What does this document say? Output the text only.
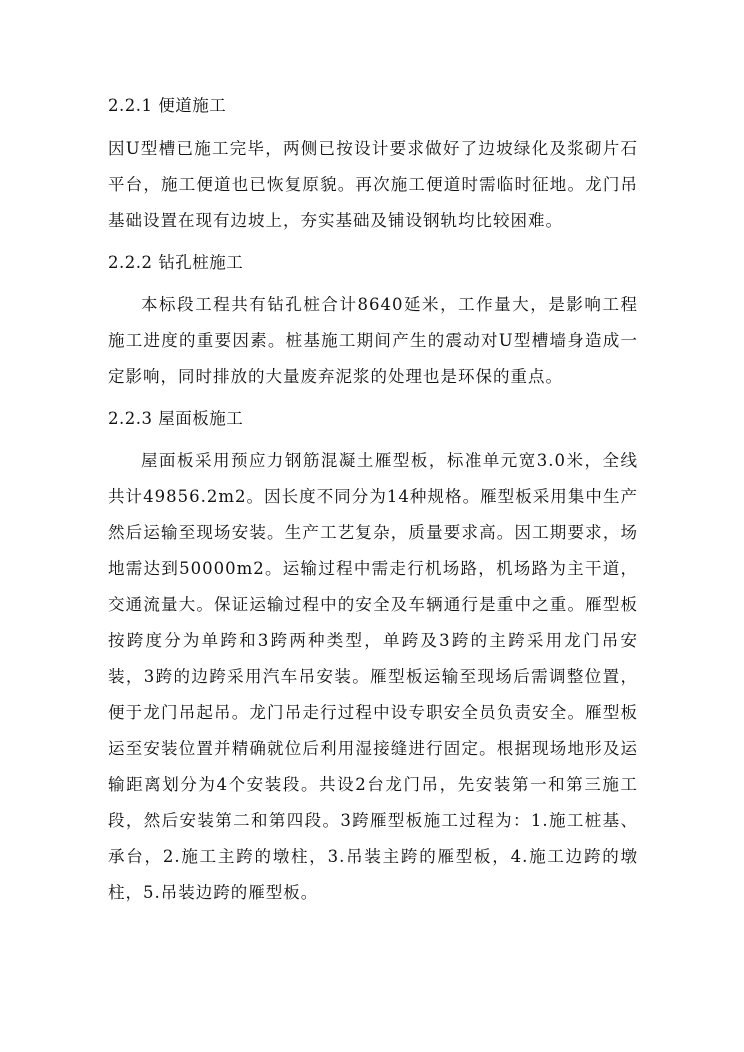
2.2.1 便道施工

因U型槽已施工完毕，两侧已按设计要求做好了边坡绿化及浆砌片石平台，施工便道也已恢复原貌。再次施工便道时需临时征地。龙门吊基础设置在现有边坡上，夯实基础及铺设钢轨均比较困难。

2.2.2 钻孔桩施工

本标段工程共有钻孔桩合计8640延米，工作量大，是影响工程施工进度的重要因素。桩基施工期间产生的震动对U型槽墙身造成一定影响，同时排放的大量废弃泥浆的处理也是环保的重点。

2.2.3 屋面板施工

屋面板采用预应力钢筋混凝土雁型板，标准单元宽3.0米，全线共计49856.2m2。因长度不同分为14种规格。雁型板采用集中生产然后运输至现场安装。生产工艺复杂，质量要求高。因工期要求，场地需达到50000m2。运输过程中需走行机场路，机场路为主干道，交通流量大。保证运输过程中的安全及车辆通行是重中之重。雁型板按跨度分为单跨和3跨两种类型，单跨及3跨的主跨采用龙门吊安装，3跨的边跨采用汽车吊安装。雁型板运输至现场后需调整位置，便于龙门吊起吊。龙门吊走行过程中设专职安全员负责安全。雁型板运至安装位置并精确就位后利用湿接缝进行固定。根据现场地形及运输距离划分为4个安装段。共设2台龙门吊，先安装第一和第三施工段，然后安装第二和第四段。3跨雁型板施工过程为：1.施工桩基、承台，2.施工主跨的墩柱，3.吊装主跨的雁型板，4.施工边跨的墩柱，5.吊装边跨的雁型板。
